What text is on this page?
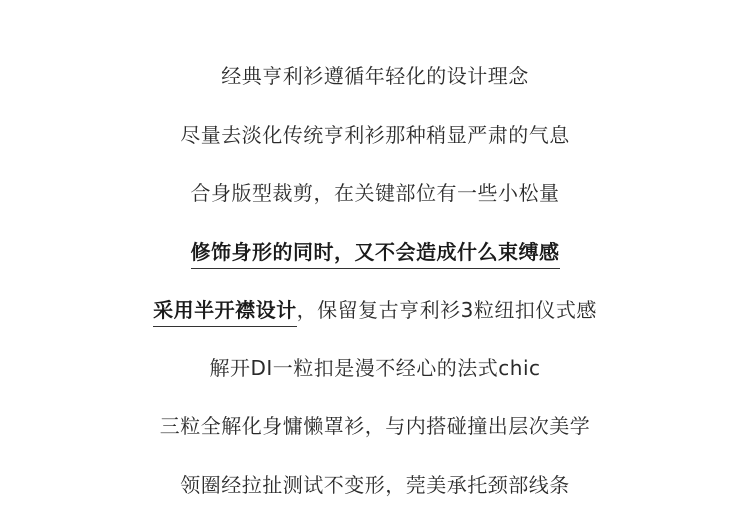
经典亨利衫遵循年轻化的设计理念
尽量去淡化传统亨利衫那种稍显严肃的气息
合身版型裁剪，在关键部位有一些小松量
修饰身形的同时，又不会造成什么束缚感
采用半开襟设计，保留复古亨利衫3粒纽扣仪式感
解开DI一粒扣是漫不经心的法式chic
三粒全解化身慵懒罩衫，与内搭碰撞出层次美学
领圈经拉扯测试不变形，莞美承托颈部线条
